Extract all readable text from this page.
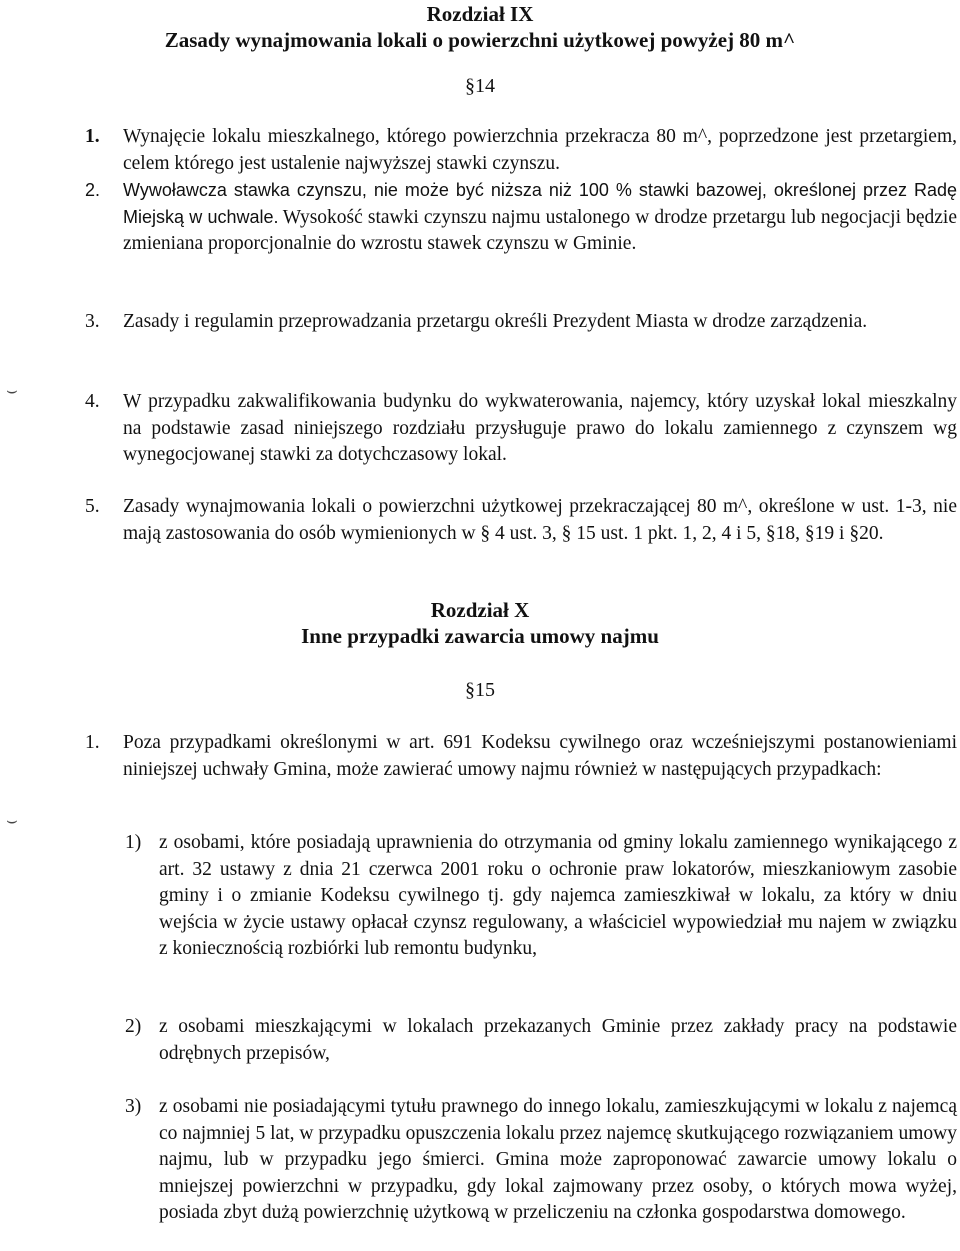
⌣
⌣
Rozdział IX
Zasady wynajmowania lokali o powierzchni użytkowej powyżej 80 m^
§14
1. Wynajęcie lokalu mieszkalnego, którego powierzchnia przekracza 80 m^, poprzedzone jest przetargiem, celem którego jest ustalenie najwyższej stawki czynszu.
2. Wywoławcza stawka czynszu, nie może być niższa niż 100 % stawki bazowej, określonej przez Radę Miejską w uchwale. Wysokość stawki czynszu najmu ustalonego w drodze przetargu lub negocjacji będzie zmieniana proporcjonalnie do wzrostu stawek czynszu w Gminie.
3. Zasady i regulamin przeprowadzania przetargu określi Prezydent Miasta w drodze zarządzenia.
4. W przypadku zakwalifikowania budynku do wykwaterowania, najemcy, który uzyskał lokal mieszkalny na podstawie zasad niniejszego rozdziału przysługuje prawo do lokalu zamiennego z czynszem wg wynegocjowanej stawki za dotychczasowy lokal.
5. Zasady wynajmowania lokali o powierzchni użytkowej przekraczającej 80 m^, określone w ust. 1-3, nie mają zastosowania do osób wymienionych w § 4 ust. 3, § 15 ust. 1 pkt. 1, 2, 4 i 5, §18, §19 i §20.
Rozdział X
Inne przypadki zawarcia umowy najmu
§15
1. Poza przypadkami określonymi w art. 691 Kodeksu cywilnego oraz wcześniejszymi postanowieniami niniejszej uchwały Gmina, może zawierać umowy najmu również w następujących przypadkach:
1) z osobami, które posiadają uprawnienia do otrzymania od gminy lokalu zamiennego wynikającego z art. 32 ustawy z dnia 21 czerwca 2001 roku o ochronie praw lokatorów, mieszkaniowym zasobie gminy i o zmianie Kodeksu cywilnego tj. gdy najemca zamieszkiwał w lokalu, za który w dniu wejścia w życie ustawy opłacał czynsz regulowany, a właściciel wypowiedział mu najem w związku z koniecznością rozbiórki lub remontu budynku,
2) z osobami mieszkającymi w lokalach przekazanych Gminie przez zakłady pracy na podstawie odrębnych przepisów,
3) z osobami nie posiadającymi tytułu prawnego do innego lokalu, zamieszkującymi w lokalu z najemcą co najmniej 5 lat, w przypadku opuszczenia lokalu przez najemcę skutkującego rozwiązaniem umowy najmu, lub w przypadku jego śmierci. Gmina może zaproponować zawarcie umowy lokalu o mniejszej powierzchni w przypadku, gdy lokal zajmowany przez osoby, o których mowa wyżej, posiada zbyt dużą powierzchnię użytkową w przeliczeniu na członka gospodarstwa domowego.
